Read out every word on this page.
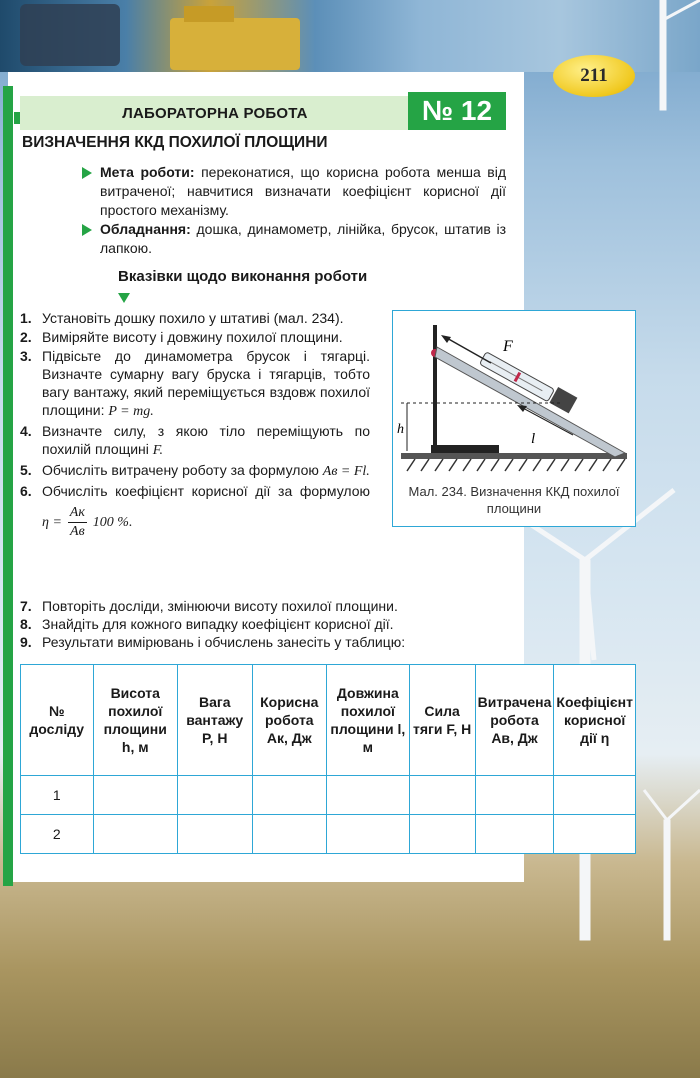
ЛАБОРАТОРНА РОБОТА	№ 12
211
ВИЗНАЧЕННЯ ККД ПОХИЛОЇ ПЛОЩИНИ
Мета роботи: переконатися, що корисна робота менша від витраченої; навчитися визначати коефіцієнт корисної дії простого механізму.
Обладнання: дошка, динамометр, лінійка, брусок, штатив із лапкою.
Вказівки щодо виконання роботи
1. Установіть дошку похило у штативі (мал. 234).
2. Виміряйте висоту і довжину похилої площини.
3. Підвісьте до динамометра брусок і тягарці. Визначте сумарну вагу бруска і тягарців, тобто вагу вантажу, який переміщується вздовж похилої площини: P = mg.
4. Визначте силу, з якою тіло переміщують по похилій площині F.
5. Обчисліть витрачену роботу за формулою Aв = Fl.
6. Обчисліть коефіцієнт корисної дії за формулою $\eta = \frac{Aк}{Aв} 100$ %.
7. Повторіть досліди, змінюючи висоту похилої площини.
8. Знайдіть для кожного випадку коефіцієнт корисної дії.
9. Результати вимірювань і обчислень занесіть у таблицю:
F
h
l
Мал. 234. Визначення ККД похилої площини
№ досліду	Висота похилої площини h, м	Вага вантажу P, Н	Корисна робота Aк, Дж	Довжина похилої площини l, м	Сила тяги F, Н	Витрачена робота Aв, Дж	Коефіцієнт корисної дії η
1							
2							
